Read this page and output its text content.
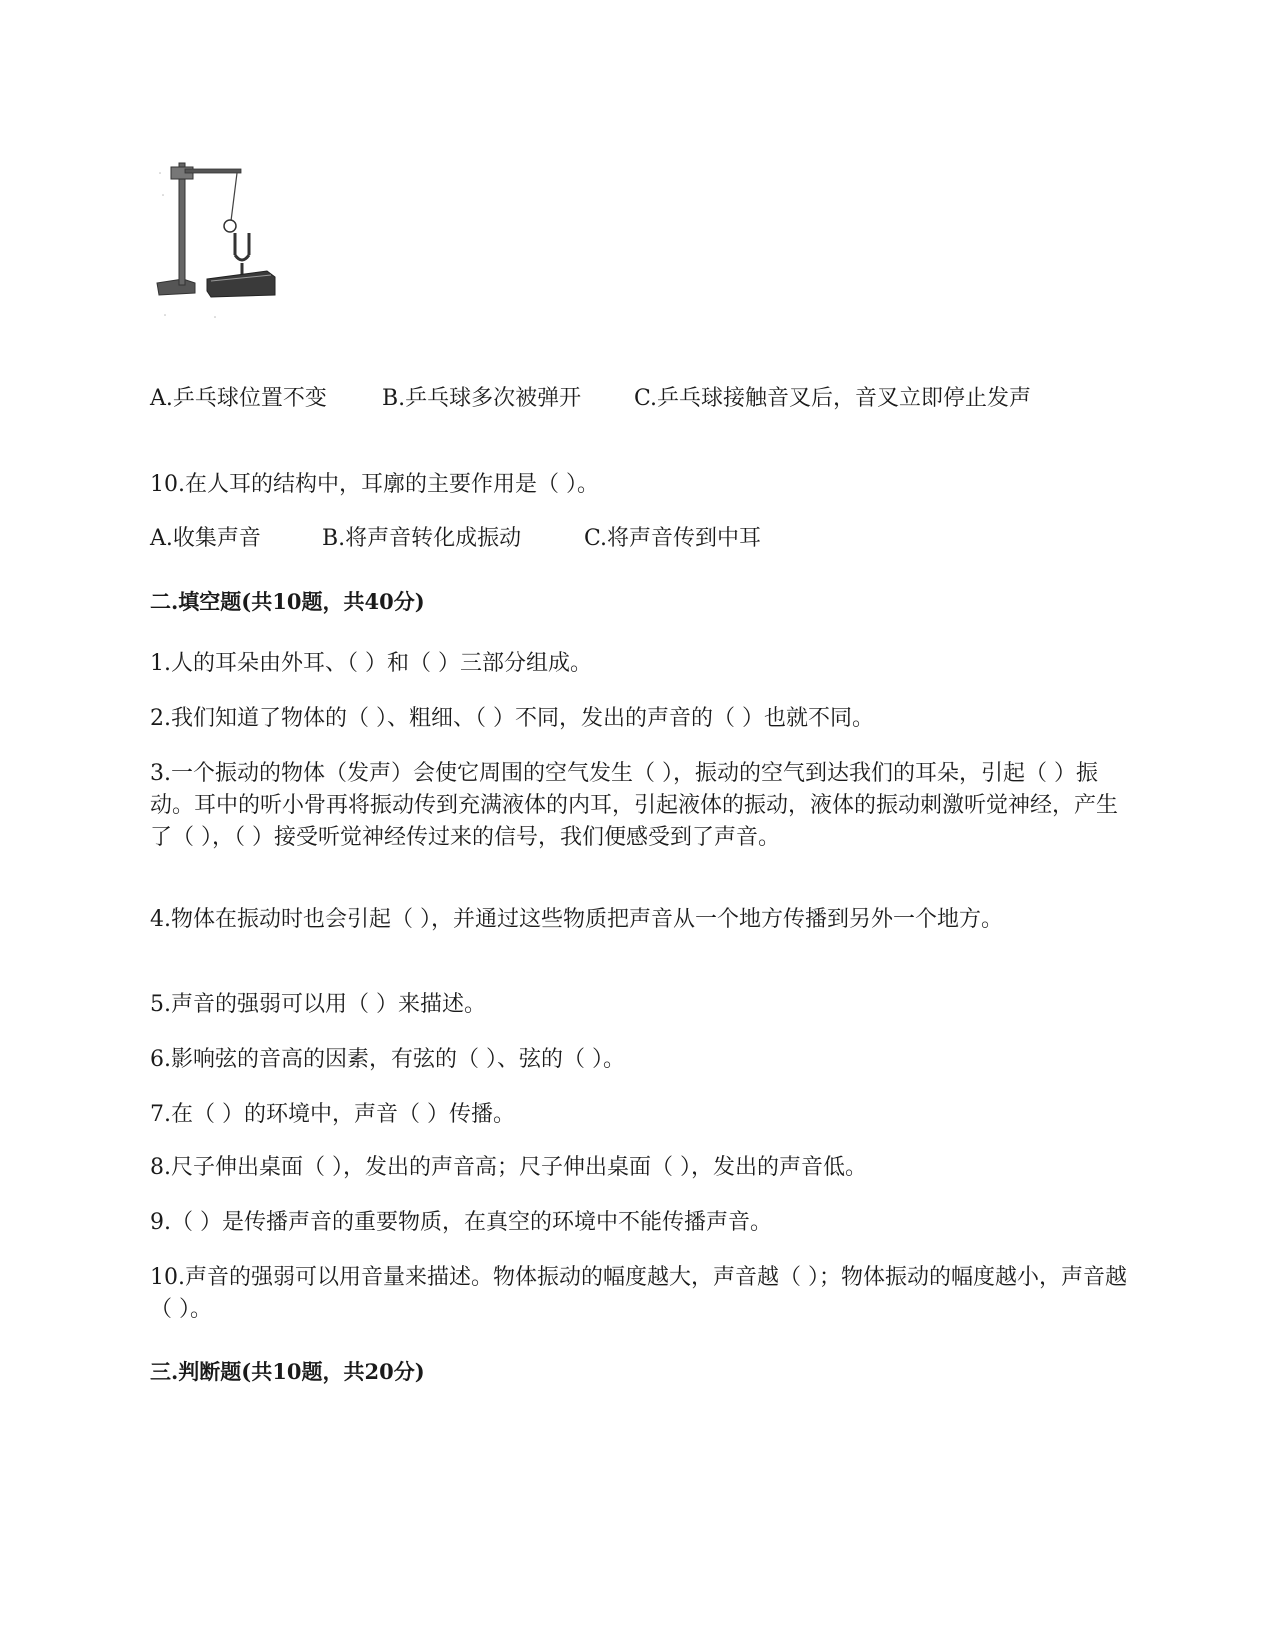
A.乒乓球位置不变	B.乒乓球多次被弹开 C.乒乓球接触音叉后，音叉立即停止发声
10.在人耳的结构中，耳廓的主要作用是（ ）。
A.收集声音	B.将声音转化成振动	C.将声音传到中耳
二.填空题(共10题，共40分)
1.人的耳朵由外耳、（ ）和（ ）三部分组成。
2.我们知道了物体的（ ）、粗细、（ ）不同，发出的声音的（ ）也就不同。
3.一个振动的物体（发声）会使它周围的空气发生（ ），振动的空气到达我们的耳朵，引起（ ）振动。耳中的听小骨再将振动传到充满液体的内耳，引起液体的振动，液体的振动刺激听觉神经，产生了（ ），（ ）接受听觉神经传过来的信号，我们便感受到了声音。
4.物体在振动时也会引起（ ），并通过这些物质把声音从一个地方传播到另外一个地方。
5.声音的强弱可以用（ ）来描述。
6.影响弦的音高的因素，有弦的（ ）、弦的（ ）。
7.在（ ）的环境中，声音（ ）传播。
8.尺子伸出桌面（ ），发出的声音高；尺子伸出桌面（ ），发出的声音低。
9.（ ）是传播声音的重要物质，在真空的环境中不能传播声音。
10.声音的强弱可以用音量来描述。物体振动的幅度越大，声音越（ ）；物体振动的幅度越小，声音越（ ）。
三.判断题(共10题，共20分)
